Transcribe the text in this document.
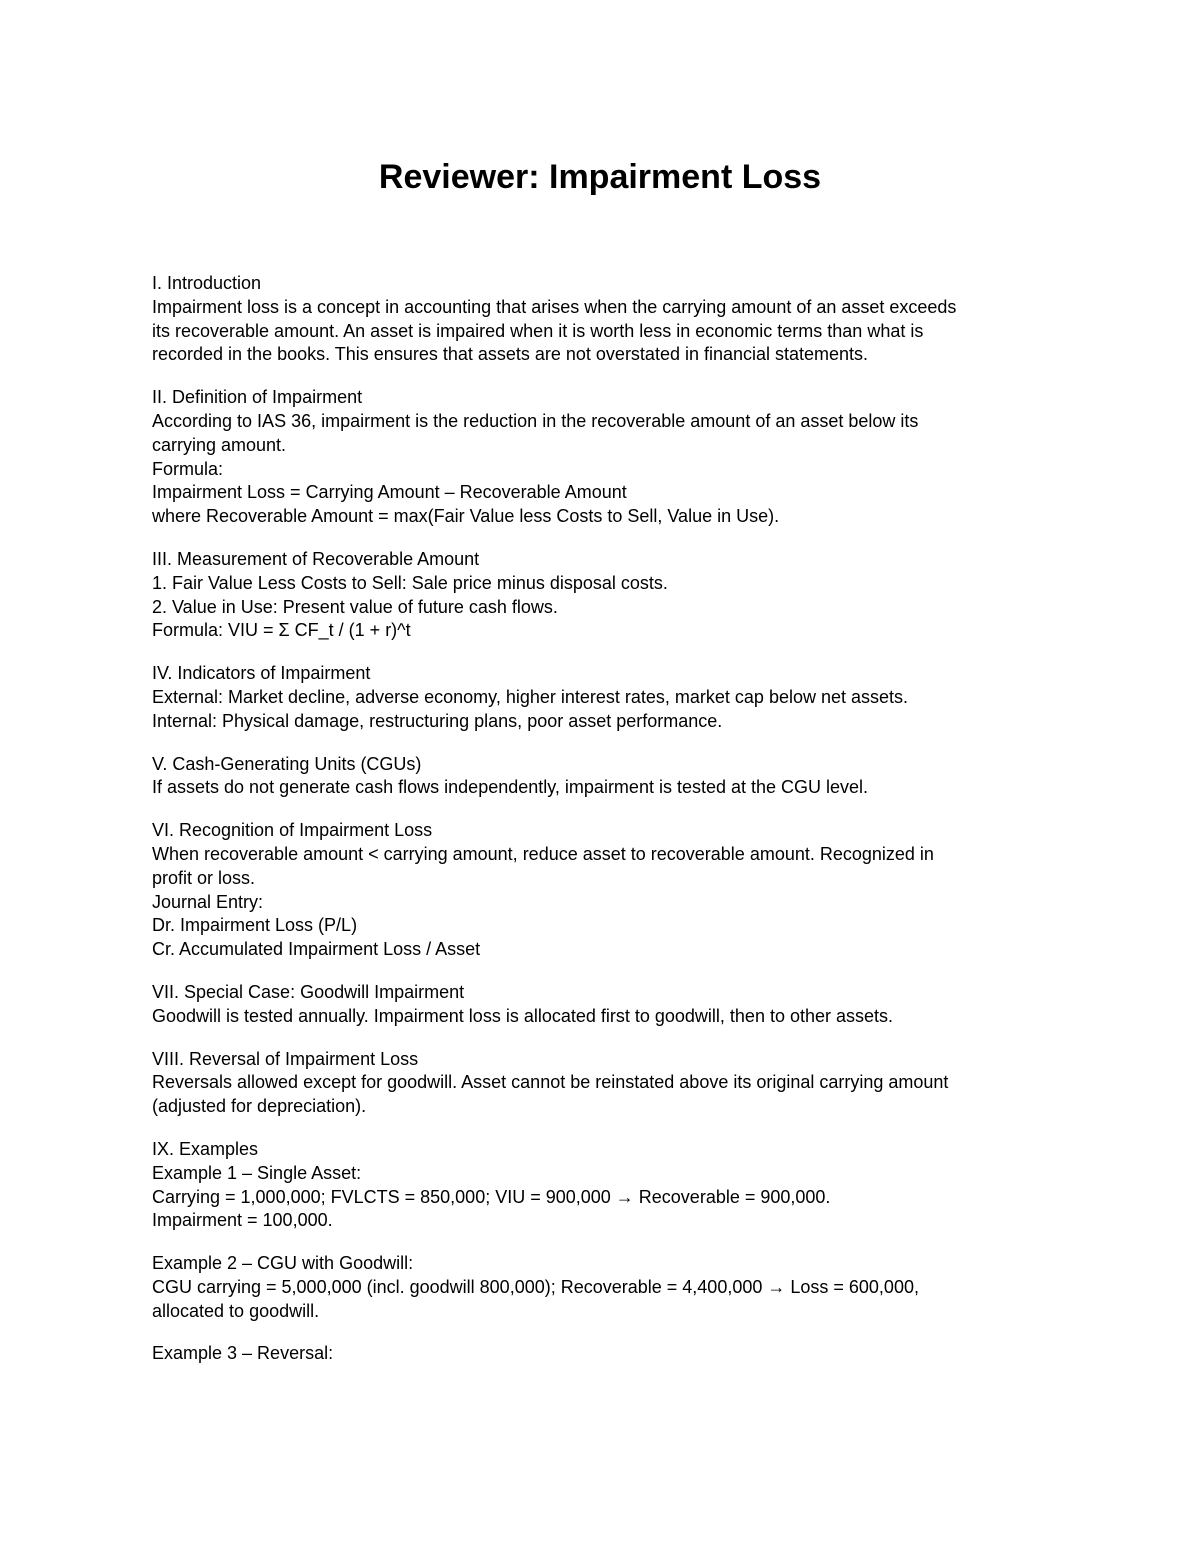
Reviewer: Impairment Loss
I. Introduction
Impairment loss is a concept in accounting that arises when the carrying amount of an asset exceeds
its recoverable amount. An asset is impaired when it is worth less in economic terms than what is
recorded in the books. This ensures that assets are not overstated in financial statements.
II. Definition of Impairment
According to IAS 36, impairment is the reduction in the recoverable amount of an asset below its
carrying amount.
Formula:
Impairment Loss = Carrying Amount – Recoverable Amount
where Recoverable Amount = max(Fair Value less Costs to Sell, Value in Use).
III. Measurement of Recoverable Amount
1. Fair Value Less Costs to Sell: Sale price minus disposal costs.
2. Value in Use: Present value of future cash flows.
Formula: VIU = Σ CF_t / (1 + r)^t
IV. Indicators of Impairment
External: Market decline, adverse economy, higher interest rates, market cap below net assets.
Internal: Physical damage, restructuring plans, poor asset performance.
V. Cash-Generating Units (CGUs)
If assets do not generate cash flows independently, impairment is tested at the CGU level.
VI. Recognition of Impairment Loss
When recoverable amount < carrying amount, reduce asset to recoverable amount. Recognized in
profit or loss.
Journal Entry:
Dr. Impairment Loss (P/L)
Cr. Accumulated Impairment Loss / Asset
VII. Special Case: Goodwill Impairment
Goodwill is tested annually. Impairment loss is allocated first to goodwill, then to other assets.
VIII. Reversal of Impairment Loss
Reversals allowed except for goodwill. Asset cannot be reinstated above its original carrying amount
(adjusted for depreciation).
IX. Examples
Example 1 – Single Asset:
Carrying = 1,000,000; FVLCTS = 850,000; VIU = 900,000 → Recoverable = 900,000.
Impairment = 100,000.
Example 2 – CGU with Goodwill:
CGU carrying = 5,000,000 (incl. goodwill 800,000); Recoverable = 4,400,000 → Loss = 600,000,
allocated to goodwill.
Example 3 – Reversal:
